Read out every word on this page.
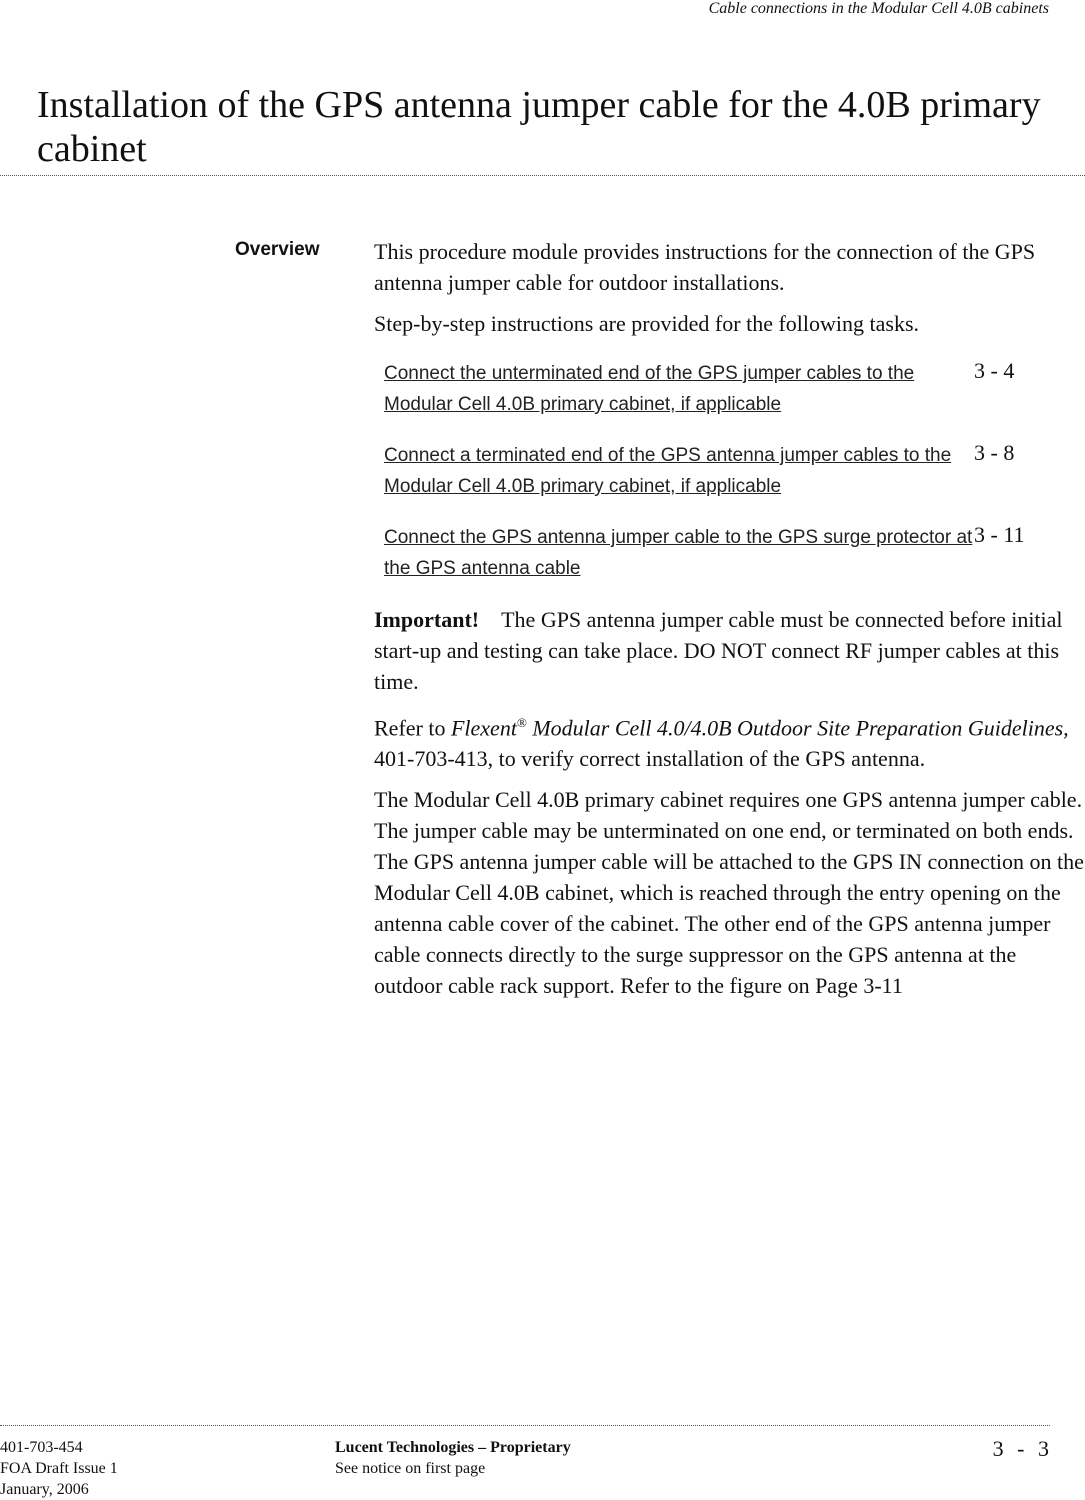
Cable connections in the Modular Cell 4.0B cabinets
Installation of the GPS antenna jumper cable for the 4.0B primary cabinet
Overview This procedure module provides instructions for the connection of the GPS antenna jumper cable for outdoor installations.

Step-by-step instructions are provided for the following tasks.

Connect the unterminated end of the GPS jumper cables to the Modular Cell 4.0B primary cabinet, if applicable	3 - 4

Connect a terminated end of the GPS antenna jumper cables to the Modular Cell 4.0B primary cabinet, if applicable	3 - 8

Connect the GPS antenna jumper cable to the GPS surge protector at the GPS antenna cable	3 - 11

Important! The GPS antenna jumper cable must be connected before initial start-up and testing can take place. DO NOT connect RF jumper cables at this time.

Refer to Flexent® Modular Cell 4.0/4.0B Outdoor Site Preparation Guidelines, 401-703-413, to verify correct installation of the GPS antenna.

The Modular Cell 4.0B primary cabinet requires one GPS antenna jumper cable. The jumper cable may be unterminated on one end, or terminated on both ends. The GPS antenna jumper cable will be attached to the GPS IN connection on the Modular Cell 4.0B cabinet, which is reached through the entry opening on the antenna cable cover of the cabinet. The other end of the GPS antenna jumper cable connects directly to the surge suppressor on the GPS antenna at the outdoor cable rack support. Refer to the figure on Page 3-11

401-703-454
FOA Draft Issue 1
January, 2006
Lucent Technologies – Proprietary
See notice on first page
3 - 3
